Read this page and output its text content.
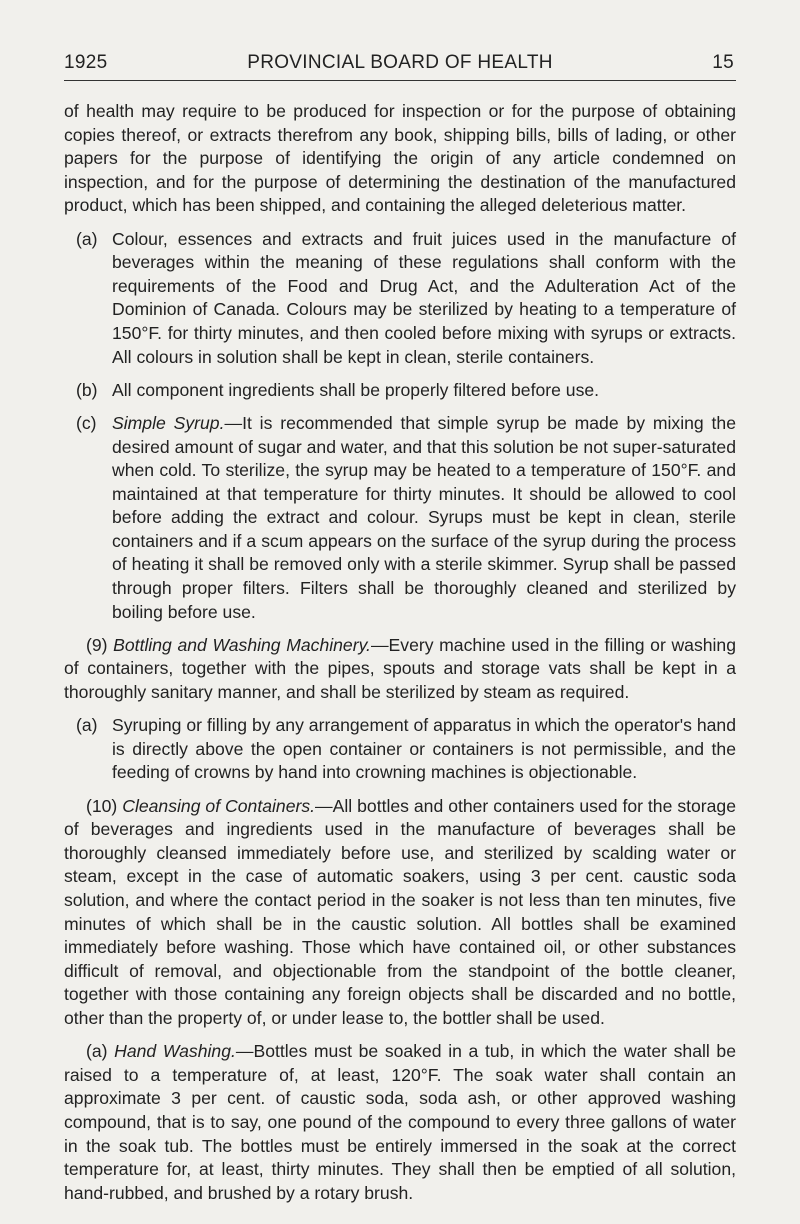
1925	PROVINCIAL BOARD OF HEALTH	15

of health may require to be produced for inspection or for the purpose of obtaining copies thereof, or extracts therefrom any book, shipping bills, bills of lading, or other papers for the purpose of identifying the origin of any article condemned on inspection, and for the purpose of determining the destination of the manufactured product, which has been shipped, and containing the alleged deleterious matter.

(a) Colour, essences and extracts and fruit juices used in the manufacture of beverages within the meaning of these regulations shall conform with the requirements of the Food and Drug Act, and the Adulteration Act of the Dominion of Canada. Colours may be sterilized by heating to a temperature of 150°F. for thirty minutes, and then cooled before mixing with syrups or extracts. All colours in solution shall be kept in clean, sterile containers.

(b) All component ingredients shall be properly filtered before use.

(c) Simple Syrup.—It is recommended that simple syrup be made by mixing the desired amount of sugar and water, and that this solution be not super-saturated when cold. To sterilize, the syrup may be heated to a temperature of 150°F. and maintained at that temperature for thirty minutes. It should be allowed to cool before adding the extract and colour. Syrups must be kept in clean, sterile containers and if a scum appears on the surface of the syrup during the process of heating it shall be removed only with a sterile skimmer. Syrup shall be passed through proper filters. Filters shall be thoroughly cleaned and sterilized by boiling before use.

(9) Bottling and Washing Machinery.—Every machine used in the filling or washing of containers, together with the pipes, spouts and storage vats shall be kept in a thoroughly sanitary manner, and shall be sterilized by steam as required.

(a) Syruping or filling by any arrangement of apparatus in which the operator's hand is directly above the open container or containers is not permissible, and the feeding of crowns by hand into crowning machines is objectionable.

(10) Cleansing of Containers.—All bottles and other containers used for the storage of beverages and ingredients used in the manufacture of beverages shall be thoroughly cleansed immediately before use, and sterilized by scalding water or steam, except in the case of automatic soakers, using 3 per cent. caustic soda solution, and where the contact period in the soaker is not less than ten minutes, five minutes of which shall be in the caustic solution. All bottles shall be examined immediately before washing. Those which have contained oil, or other substances difficult of removal, and objectionable from the standpoint of the bottle cleaner, together with those containing any foreign objects shall be discarded and no bottle, other than the property of, or under lease to, the bottler shall be used.

(a) Hand Washing.—Bottles must be soaked in a tub, in which the water shall be raised to a temperature of, at least, 120°F. The soak water shall contain an approximate 3 per cent. of caustic soda, soda ash, or other approved washing compound, that is to say, one pound of the compound to every three gallons of water in the soak tub. The bottles must be entirely immersed in the soak at the correct temperature for, at least, thirty minutes. They shall then be emptied of all solution, hand-rubbed, and brushed by a rotary brush.
